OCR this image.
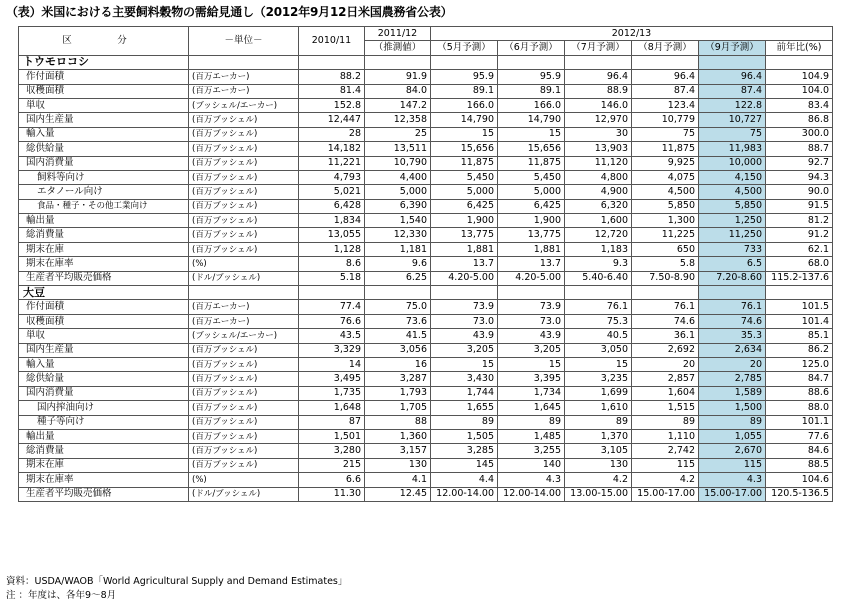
（表）米国における主要飼料穀物の需給見通し（2012年9月12日米国農務省公表）
区　分	－単位－	2010/11	2011/12	2012/13					
			（推測値）	（5月予測）	（6月予測）	（7月予測）	（8月予測）	（9月予測）	前年比(%)
トウモロコシ									
作付面積	(百万エーカー)	88.2	91.9	95.9	95.9	96.4	96.4	96.4	104.9
収穫面積	(百万エーカー)	81.4	84.0	89.1	89.1	88.9	87.4	87.4	104.0
単収	(ブッシェル/エーカー)	152.8	147.2	166.0	166.0	146.0	123.4	122.8	83.4
国内生産量	(百万ブッシェル)	12,447	12,358	14,790	14,790	12,970	10,779	10,727	86.8
輸入量	(百万ブッシェル)	28	25	15	15	30	75	75	300.0
総供給量	(百万ブッシェル)	14,182	13,511	15,656	15,656	13,903	11,875	11,983	88.7
国内消費量	(百万ブッシェル)	11,221	10,790	11,875	11,875	11,120	9,925	10,000	92.7
飼料等向け	(百万ブッシェル)	4,793	4,400	5,450	5,450	4,800	4,075	4,150	94.3
エタノール向け	(百万ブッシェル)	5,021	5,000	5,000	5,000	4,900	4,500	4,500	90.0
食品・種子・その他工業向け	(百万ブッシェル)	6,428	6,390	6,425	6,425	6,320	5,850	5,850	91.5
輸出量	(百万ブッシェル)	1,834	1,540	1,900	1,900	1,600	1,300	1,250	81.2
総消費量	(百万ブッシェル)	13,055	12,330	13,775	13,775	12,720	11,225	11,250	91.2
期末在庫	(百万ブッシェル)	1,128	1,181	1,881	1,881	1,183	650	733	62.1
期末在庫率	(%)	8.6	9.6	13.7	13.7	9.3	5.8	6.5	68.0
生産者平均販売価格	(ドル/ブッシェル)	5.18	6.25	4.20-5.00	4.20-5.00	5.40-6.40	7.50-8.90	7.20-8.60	115.2-137.6
大豆									
作付面積	(百万エーカー)	77.4	75.0	73.9	73.9	76.1	76.1	76.1	101.5
収穫面積	(百万エーカー)	76.6	73.6	73.0	73.0	75.3	74.6	74.6	101.4
単収	(ブッシェル/エーカー)	43.5	41.5	43.9	43.9	40.5	36.1	35.3	85.1
国内生産量	(百万ブッシェル)	3,329	3,056	3,205	3,205	3,050	2,692	2,634	86.2
輸入量	(百万ブッシェル)	14	16	15	15	15	20	20	125.0
総供給量	(百万ブッシェル)	3,495	3,287	3,430	3,395	3,235	2,857	2,785	84.7
国内消費量	(百万ブッシェル)	1,735	1,793	1,744	1,734	1,699	1,604	1,589	88.6
国内搾油向け	(百万ブッシェル)	1,648	1,705	1,655	1,645	1,610	1,515	1,500	88.0
種子等向け	(百万ブッシェル)	87	88	89	89	89	89	89	101.1
輸出量	(百万ブッシェル)	1,501	1,360	1,505	1,485	1,370	1,110	1,055	77.6
総消費量	(百万ブッシェル)	3,280	3,157	3,285	3,255	3,105	2,742	2,670	84.6
期末在庫	(百万ブッシェル)	215	130	145	140	130	115	115	88.5
期末在庫率	(%)	6.6	4.1	4.4	4.3	4.2	4.2	4.3	104.6
生産者平均販売価格	(ドル/ブッシェル)	11.30	12.45	12.00-14.00	12.00-14.00	13.00-15.00	15.00-17.00	15.00-17.00	120.5-136.5
資料：USDA/WAOB「World Agricultural Supply and Demand Estimates」
注 ：年度は、各年9～8月
